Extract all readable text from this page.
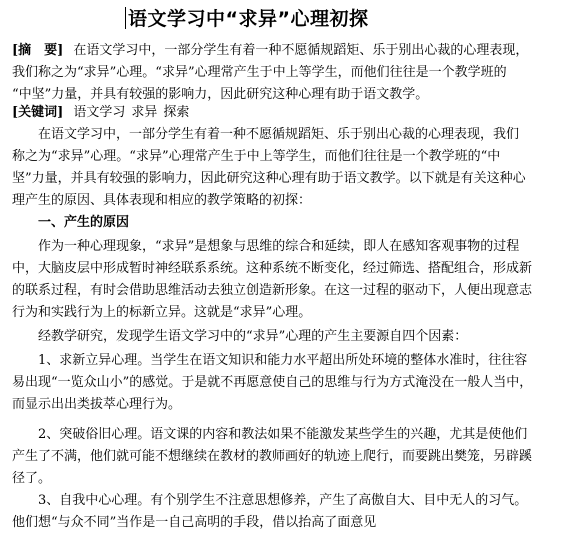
语文学习中“求异”心理初探
[摘　要] 在语文学习中，一部分学生有着一种不愿循规蹈矩、乐于别出心裁的心理表现，
我们称之为“求异”心理。“求异”心理常产生于中上等学生，而他们往往是一个教学班的
“中坚”力量，并具有较强的影响力，因此研究这种心理有助于语文教学。
[关键词] 语文学习 求异 探索
在语文学习中，一部分学生有着一种不愿循规蹈矩、乐于别出心裁的心理表现，我们
称之为“求异”心理。“求异”心理常产生于中上等学生，而他们往往是一个教学班的“中
坚”力量，并具有较强的影响力，因此研究这种心理有助于语文教学。以下就是有关这种心
理产生的原因、具体表现和相应的教学策略的初探：
一、产生的原因
作为一种心理现象，“求异”是想象与思维的综合和延续，即人在感知客观事物的过程
中，大脑皮层中形成暂时神经联系系统。这种系统不断变化，经过筛选、搭配组合，形成新
的联系过程，有时会借助思维活动去独立创造新形象。在这一过程的驱动下，人便出现意志
行为和实践行为上的标新立异。这就是“求异”心理。
经教学研究，发现学生语文学习中的“求异”心理的产生主要源自四个因素：
1、求新立异心理。当学生在语文知识和能力水平超出所处环境的整体水准时，往往容
易出现“一览众山小”的感觉。于是就不再愿意使自己的思维与行为方式淹没在一般人当中，
而显示出出类拔萃心理行为。
2、突破俗旧心理。语文课的内容和教法如果不能激发某些学生的兴趣，尤其是使他们
产生了不满，他们就可能不想继续在教材的教师画好的轨迹上爬行，而要跳出樊笼，另辟蹊
径了。
3、自我中心心理。有个别学生不注意思想修养，产生了高傲自大、目中无人的习气。
他们想“与众不同”当作是一自己高明的手段，借以抬高了面意见
